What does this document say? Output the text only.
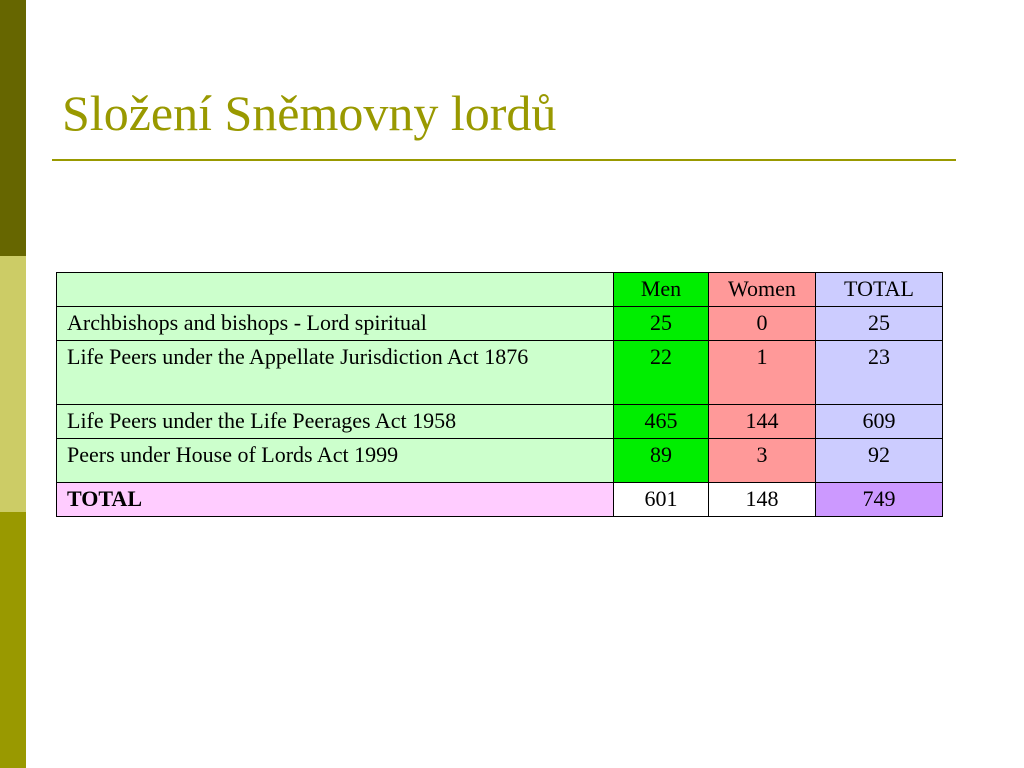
Složení Sněmovny lordů
	Men	Women	TOTAL
Archbishops and bishops - Lord spiritual	25	0	25
Life Peers under the Appellate Jurisdiction Act 1876	22	1	23
Life Peers under the Life Peerages Act 1958	465	144	609
Peers under House of Lords Act 1999	89	3	92
TOTAL	601	148	749
